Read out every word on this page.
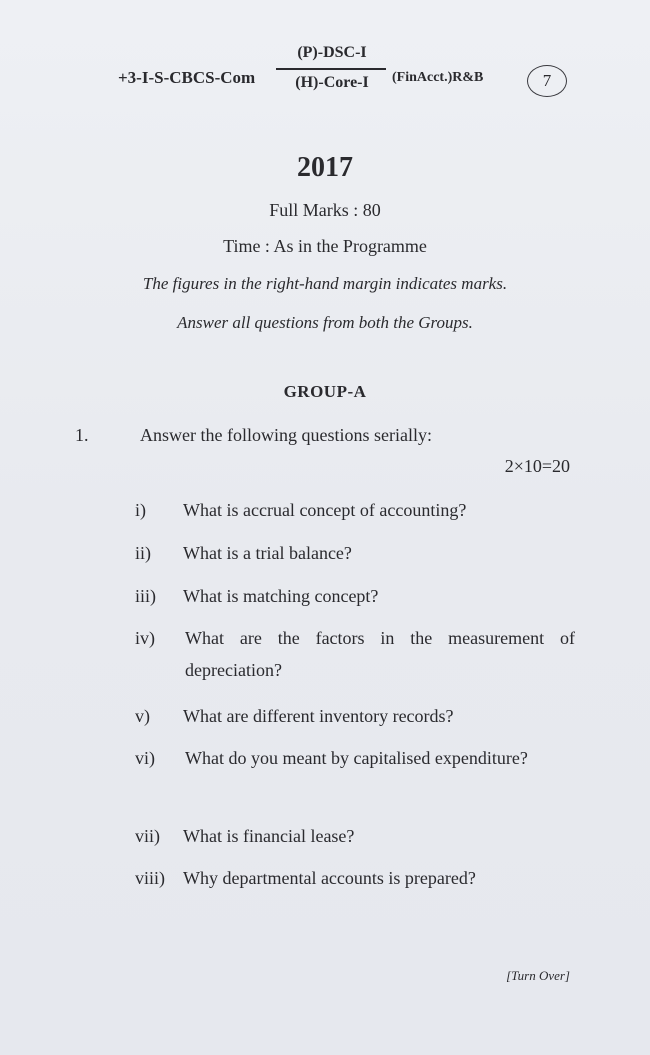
+3-I-S-CBCS-Com
(P)-DSC-I
(H)-Core-I	(FinAcct.)R&B	7
2017
Full Marks : 80
Time : As in the Programme
The figures in the right-hand margin indicates marks.
Answer all questions from both the Groups.
GROUP-A
1.	Answer the following questions serially:
2×10=20
i) What is accrual concept of accounting?
ii) What is a trial balance?
iii) What is matching concept?
iv) What are the factors in the measurement of depreciation?
v) What are different inventory records?
vi) What do you meant by capitalised expenditure?
vii) What is financial lease?
viii) Why departmental accounts is prepared?
[Turn Over]
